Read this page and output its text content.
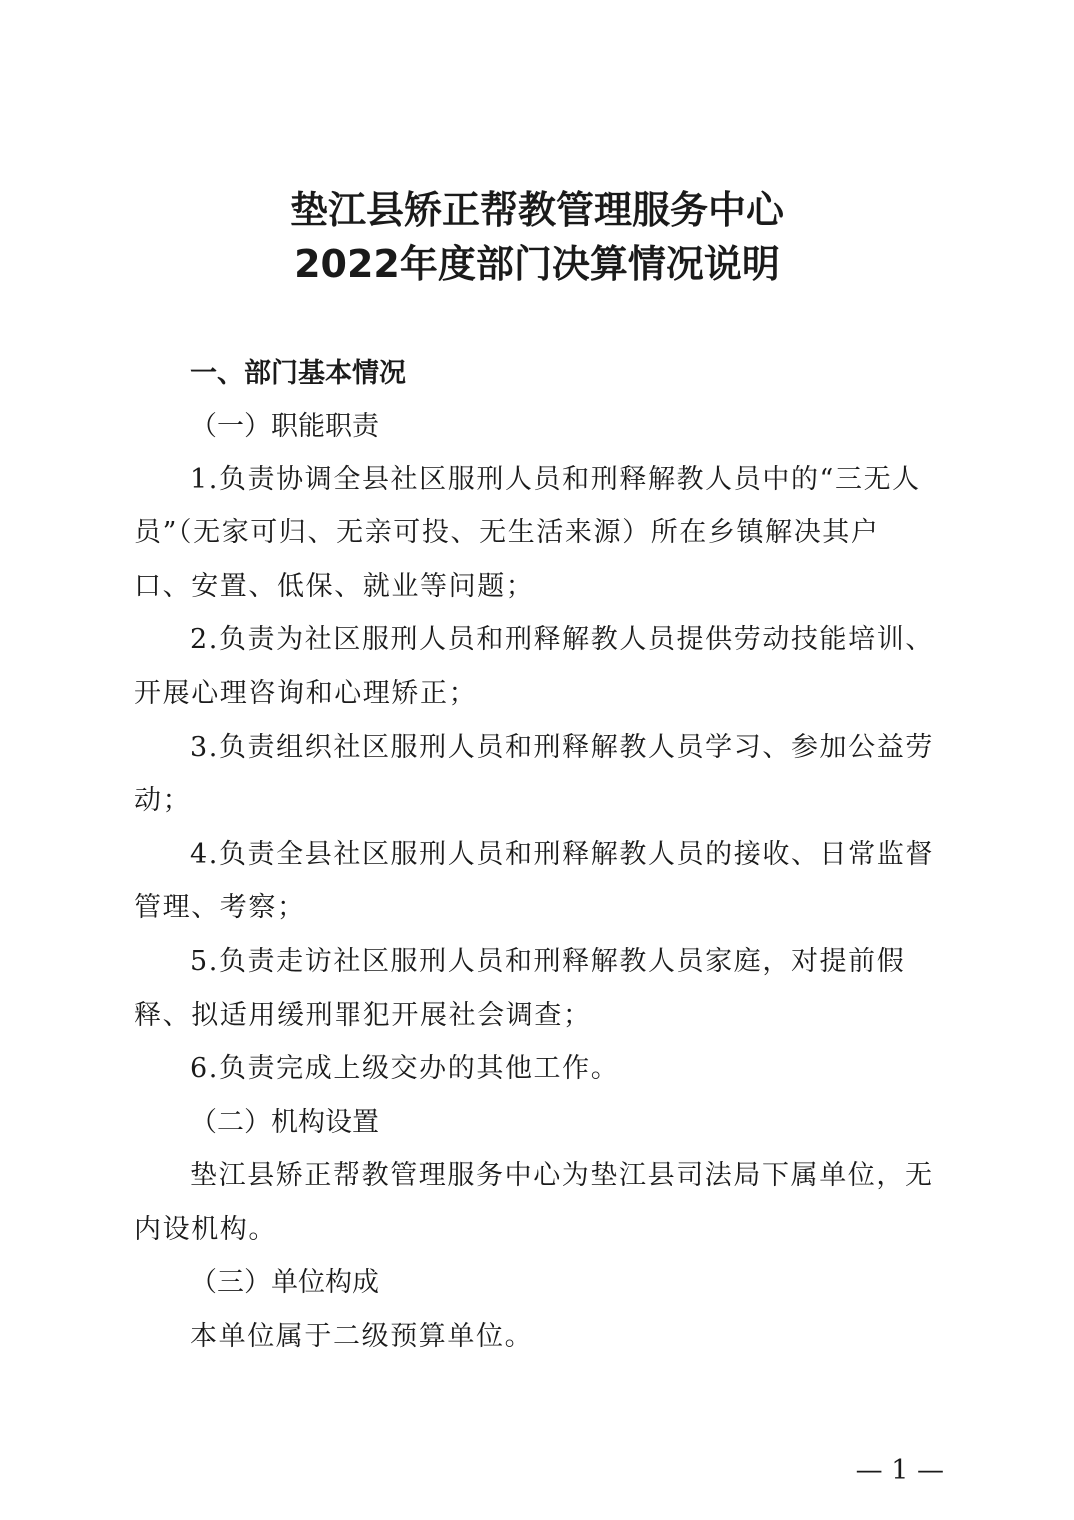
垫江县矫正帮教管理服务中心
2022年度部门决算情况说明

一、部门基本情况

（一）职能职责

1.负责协调全县社区服刑人员和刑释解教人员中的“三无人

员”（无家可归、无亲可投、无生活来源）所在乡镇解决其户

口、安置、低保、就业等问题；

2.负责为社区服刑人员和刑释解教人员提供劳动技能培训、

开展心理咨询和心理矫正；

3.负责组织社区服刑人员和刑释解教人员学习、参加公益劳

动；

4.负责全县社区服刑人员和刑释解教人员的接收、日常监督

管理、考察；

5.负责走访社区服刑人员和刑释解教人员家庭，对提前假

释、拟适用缓刑罪犯开展社会调查；

6.负责完成上级交办的其他工作。

（二）机构设置

垫江县矫正帮教管理服务中心为垫江县司法局下属单位，无

内设机构。

（三）单位构成

本单位属于二级预算单位。

— 1 —
